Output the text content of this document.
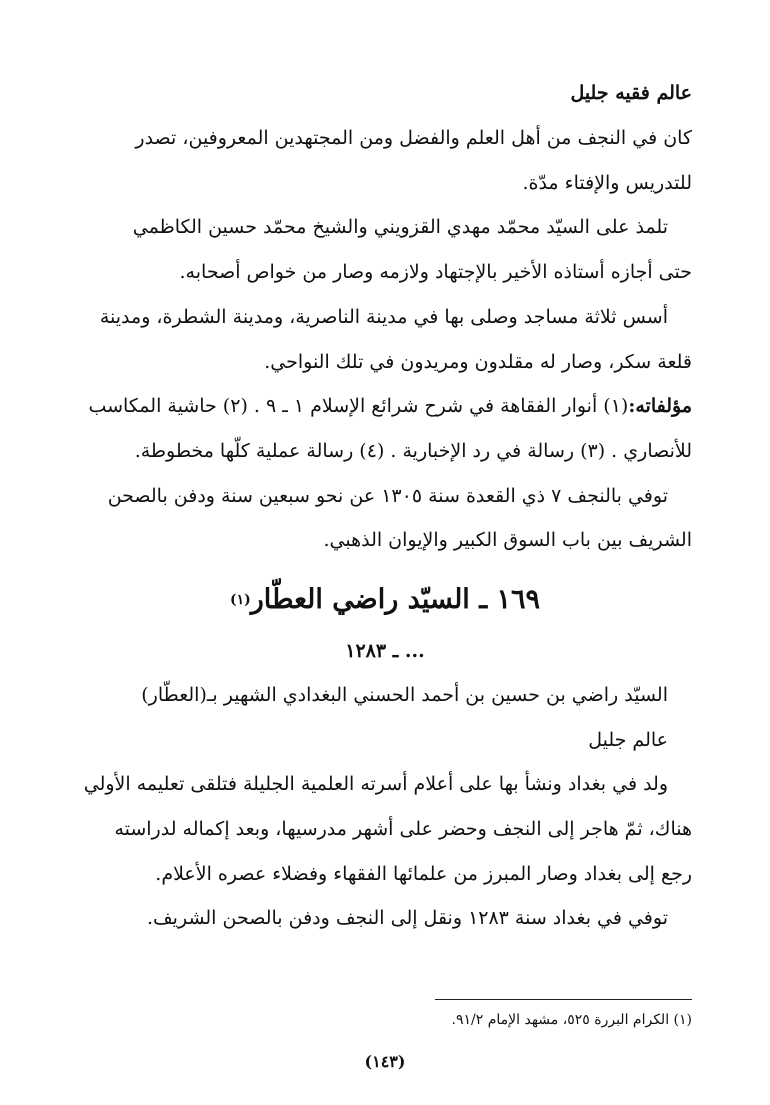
عالم فقيه جليل
كان في النجف من أهل العلم والفضل ومن المجتهدين المعروفين، تصدر
للتدريس والإفتاء مدّة.
تلمذ على السيّد محمّد مهدي القزويني والشيخ محمّد حسين الكاظمي
حتى أجازه أستاذه الأخير بالإجتهاد ولازمه وصار من خواص أصحابه.
أسس ثلاثة مساجد وصلى بها في مدينة الناصرية، ومدينة الشطرة، ومدينة
قلعة سكر، وصار له مقلدون ومريدون في تلك النواحي.
مؤلفاته:
(١) أنوار الفقاهة في شرح شرائع الإسلام ١ ـ ٩ . (٢) حاشية المكاسب
للأنصاري . (٣) رسالة في رد الإخبارية . (٤) رسالة عملية كلّها مخطوطة.
توفي بالنجف ٧ ذي القعدة سنة ١٣٠٥ عن نحو سبعين سنة ودفن بالصحن
الشريف بين باب السوق الكبير والإيوان الذهبي.
١٦٩ ـ السيّد راضي العطّار
(١)
... ـ ١٢٨٣
السيّد راضي بن حسين بن أحمد الحسني البغدادي الشهير بـ(العطّار)
عالم جليل
ولد في بغداد ونشأ بها على أعلام أسرته العلمية الجليلة فتلقى تعليمه الأولي
هناك، ثمّ هاجر إلى النجف وحضر على أشهر مدرسيها، وبعد إكماله لدراسته
رجع إلى بغداد وصار المبرز من علمائها الفقهاء وفضلاء عصره الأعلام.
توفي في بغداد سنة ١٢٨٣ ونقل إلى النجف ودفن بالصحن الشريف.
(١) الكرام البررة ٥٢٥، مشهد الإمام ٩١/٢.
(١٤٣)
